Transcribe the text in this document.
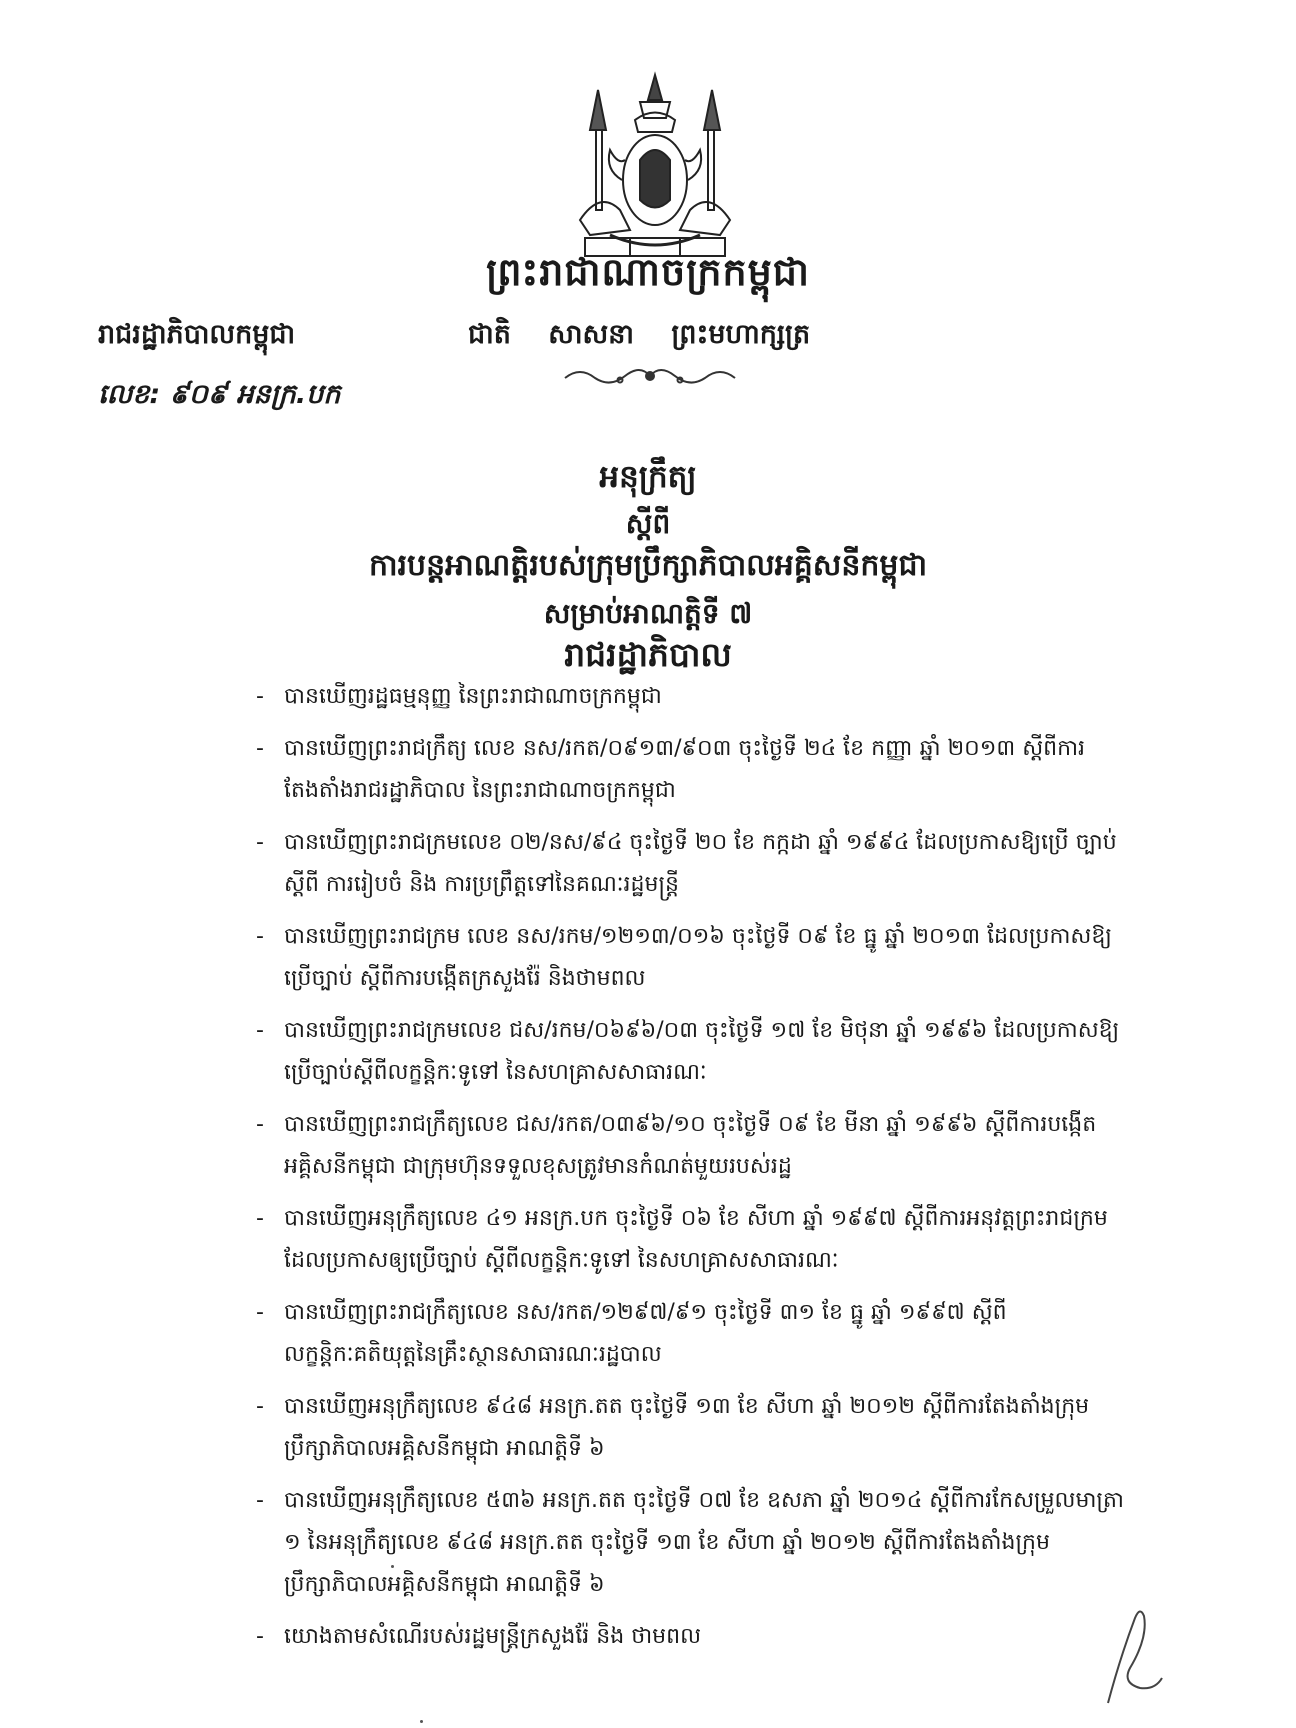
ព្រះរាជាណាចក្រកម្ពុជា
រាជរដ្ឋាភិបាលកម្ពុជា	ជាតិ សាសនា ព្រះមហាក្សត្រ
លេខ: ៩០៩ អនក្រ.បក
អនុក្រឹត្យ
ស្តីពី
ការបន្តអាណត្តិរបស់ក្រុមប្រឹក្សាភិបាលអគ្គិសនីកម្ពុជា
សម្រាប់អាណត្តិទី ៧
រាជរដ្ឋាភិបាល
- បានឃើញរដ្ឋធម្មនុញ្ញ នៃព្រះរាជាណាចក្រកម្ពុជា
- បានឃើញព្រះរាជក្រឹត្យ លេខ នស/រកត/០៩១៣/៩០៣ ចុះថ្ងៃទី ២៤ ខែ កញ្ញា ឆ្នាំ ២០១៣ ស្តីពីការតែងតាំងរាជរដ្ឋាភិបាល នៃព្រះរាជាណាចក្រកម្ពុជា
- បានឃើញព្រះរាជក្រមលេខ ០២/នស/៩៤ ចុះថ្ងៃទី ២០ ខែ កក្កដា ឆ្នាំ ១៩៩៤ ដែលប្រកាសឱ្យប្រើ ច្បាប់ស្តីពី ការរៀបចំ និង ការប្រព្រឹត្តទៅនៃគណៈរដ្ឋមន្ត្រី
- បានឃើញព្រះរាជក្រម លេខ នស/រកម/១២១៣/០១៦ ចុះថ្ងៃទី ០៩ ខែ ធ្នូ ឆ្នាំ ២០១៣ ដែលប្រកាសឱ្យប្រើច្បាប់ ស្តីពីការបង្កើតក្រសួងរ៉ែ និងថាមពល
- បានឃើញព្រះរាជក្រមលេខ ជស/រកម/០៦៩៦/០៣ ចុះថ្ងៃទី ១៧ ខែ មិថុនា ឆ្នាំ ១៩៩៦ ដែលប្រកាសឱ្យប្រើច្បាប់ស្តីពីលក្ខន្តិកៈទូទៅ នៃសហគ្រាសសាធារណៈ
- បានឃើញព្រះរាជក្រឹត្យលេខ ជស/រកត/០៣៩៦/១០ ចុះថ្ងៃទី ០៩ ខែ មីនា ឆ្នាំ ១៩៩៦ ស្តីពីការបង្កើតអគ្គិសនីកម្ពុជា ជាក្រុមហ៊ុនទទួលខុសត្រូវមានកំណត់មួយរបស់រដ្ឋ
- បានឃើញអនុក្រឹត្យលេខ ៤១ អនក្រ.បក ចុះថ្ងៃទី ០៦ ខែ សីហា ឆ្នាំ ១៩៩៧ ស្តីពីការអនុវត្តព្រះរាជក្រម ដែលប្រកាសឲ្យប្រើច្បាប់ ស្តីពីលក្ខន្តិកៈទូទៅ នៃសហគ្រាសសាធារណៈ
- បានឃើញព្រះរាជក្រឹត្យលេខ នស/រកត/១២៩៧/៩១ ចុះថ្ងៃទី ៣១ ខែ ធ្នូ ឆ្នាំ ១៩៩៧ ស្តីពីលក្ខន្តិកៈគតិយុត្តនៃគ្រឹះស្ថានសាធារណៈរដ្ឋបាល
- បានឃើញអនុក្រឹត្យលេខ ៩៤៨ អនក្រ.តត ចុះថ្ងៃទី ១៣ ខែ សីហា ឆ្នាំ ២០១២ ស្តីពីការតែងតាំងក្រុមប្រឹក្សាភិបាលអគ្គិសនីកម្ពុជា អាណត្តិទី ៦
- បានឃើញអនុក្រឹត្យលេខ ៥៣៦ អនក្រ.តត ចុះថ្ងៃទី ០៧ ខែ ឧសភា ឆ្នាំ ២០១៤ ស្តីពីការកែសម្រួលមាត្រា ១ នៃអនុក្រឹត្យលេខ ៩៤៨ អនក្រ.តត ចុះថ្ងៃទី ១៣ ខែ សីហា ឆ្នាំ ២០១២ ស្តីពីការតែងតាំងក្រុមប្រឹក្សាភិបាលអគ្គិសនីកម្ពុជា អាណត្តិទី ៦
- យោងតាមសំណើរបស់រដ្ឋមន្ត្រីក្រសួងរ៉ែ និង ថាមពល
